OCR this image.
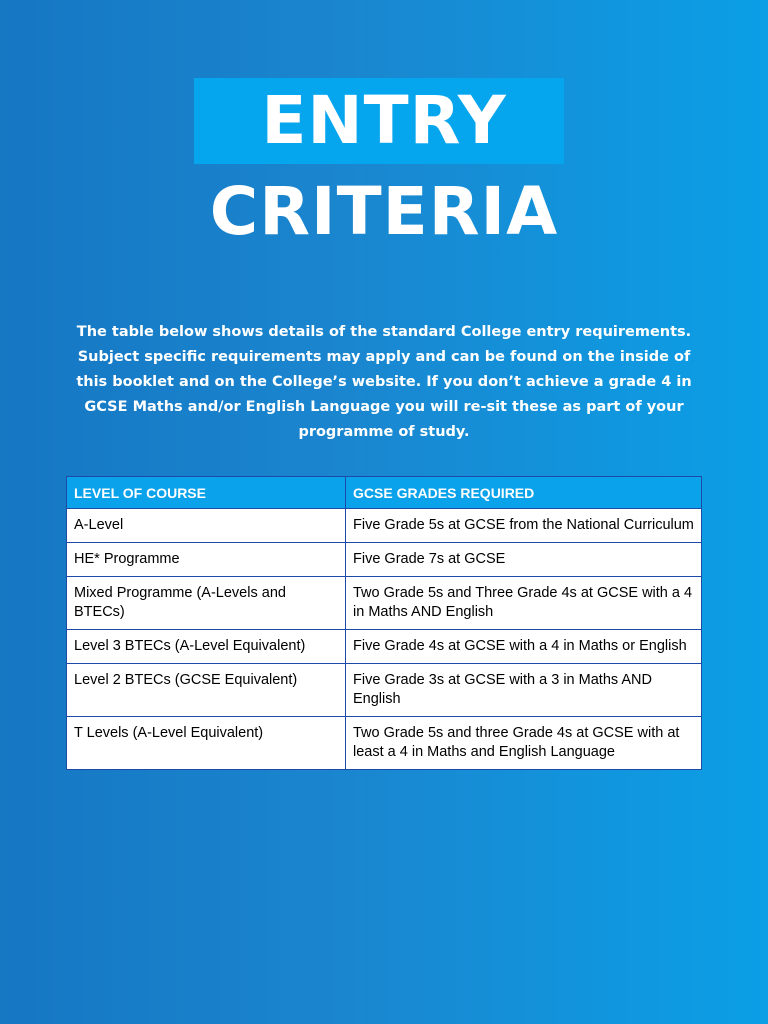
ENTRY
CRITERIA

The table below shows details of the standard College entry requirements. Subject specific requirements may apply and can be found on the inside of this booklet and on the College’s website. If you don’t achieve a grade 4 in GCSE Maths and/or English Language you will re-sit these as part of your programme of study.

LEVEL OF COURSE	GCSE GRADES REQUIRED
A-Level	Five Grade 5s at GCSE from the National Curriculum
HE* Programme	Five Grade 7s at GCSE
Mixed Programme (A-Levels and BTECs)	Two Grade 5s and Three Grade 4s at GCSE with a 4 in Maths AND English
Level 3 BTECs (A-Level Equivalent)	Five Grade 4s at GCSE with a 4 in Maths or English
Level 2 BTECs (GCSE Equivalent)	Five Grade 3s at GCSE with a 3 in Maths AND English
T Levels (A-Level Equivalent)	Two Grade 5s and three Grade 4s at GCSE with at least a 4 in Maths and English Language
